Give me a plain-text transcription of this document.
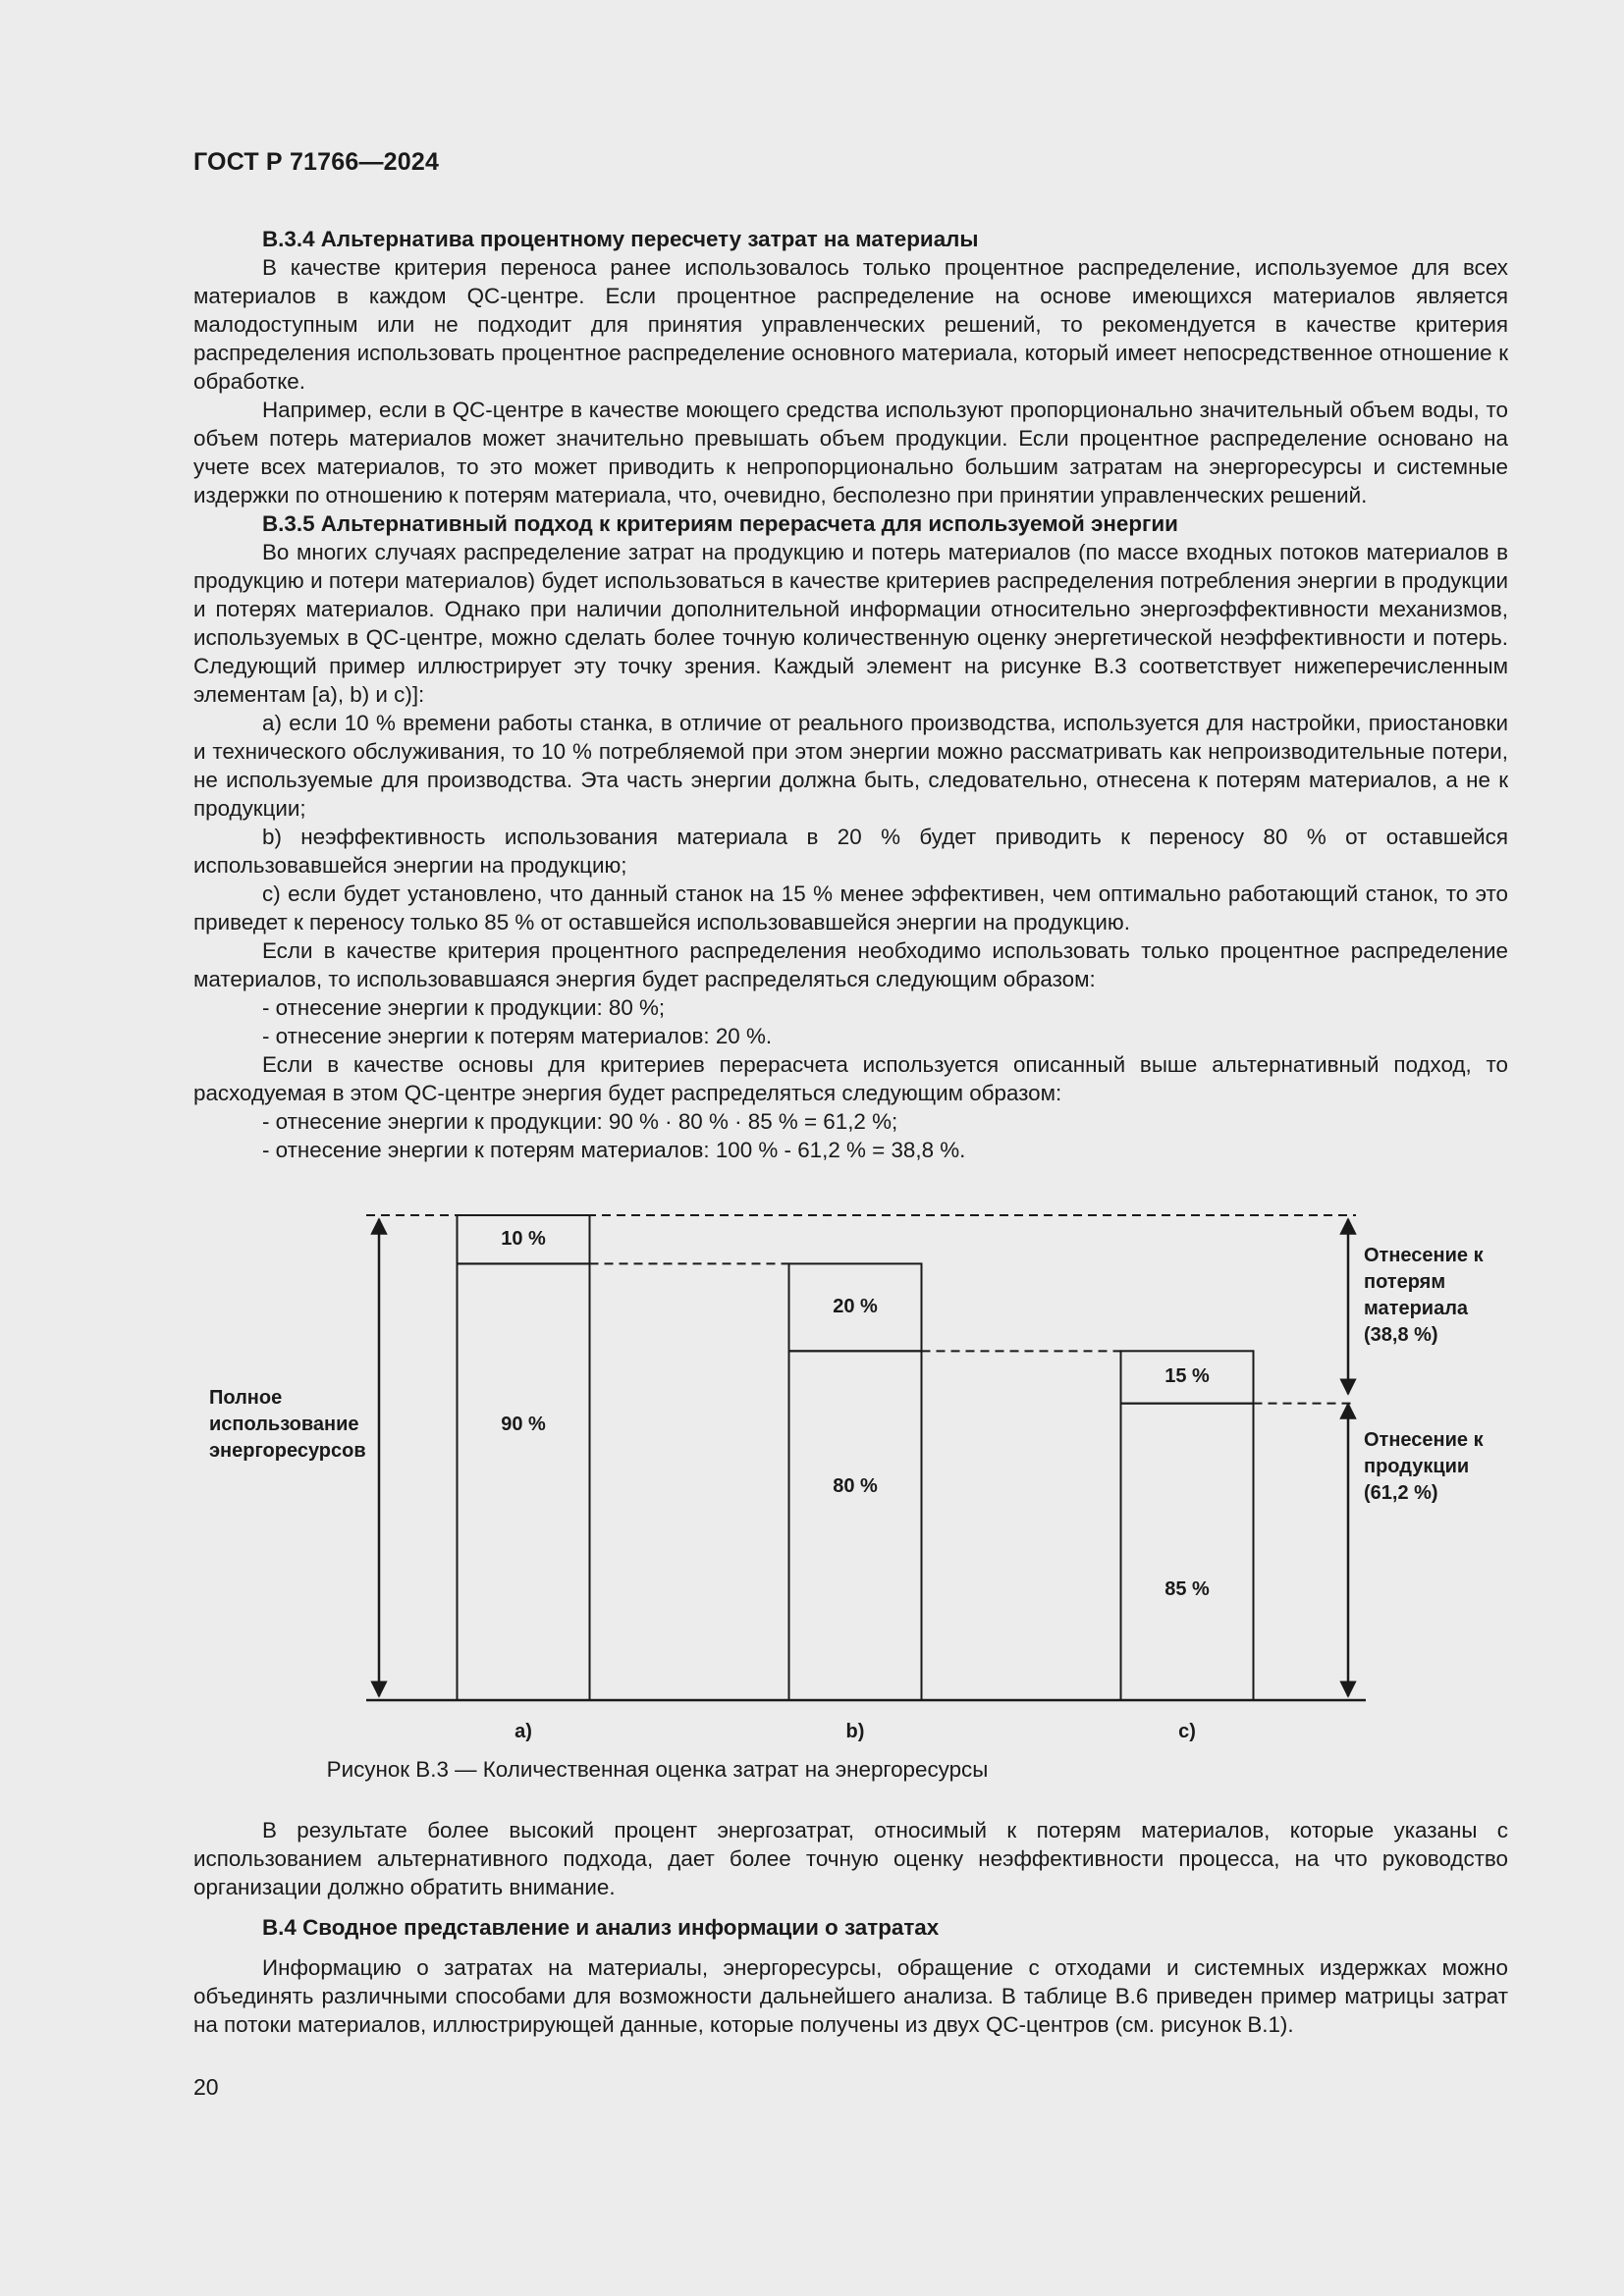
ГОСТ Р 71766—2024

В.3.4 Альтернатива процентному пересчету затрат на материалы

В качестве критерия переноса ранее использовалось только процентное распределение, используемое для всех материалов в каждом QC-центре. Если процентное распределение на основе имеющихся материалов является малодоступным или не подходит для принятия управленческих решений, то рекомендуется в качестве критерия распределения использовать процентное распределение основного материала, который имеет непосредственное отношение к обработке.

Например, если в QC-центре в качестве моющего средства используют пропорционально значительный объем воды, то объем потерь материалов может значительно превышать объем продукции. Если процентное распределение основано на учете всех материалов, то это может приводить к непропорционально большим затратам на энергоресурсы и системные издержки по отношению к потерям материала, что, очевидно, бесполезно при принятии управленческих решений.

В.3.5 Альтернативный подход к критериям перерасчета для используемой энергии

Во многих случаях распределение затрат на продукцию и потерь материалов (по массе входных потоков материалов в продукцию и потери материалов) будет использоваться в качестве критериев распределения потребления энергии в продукции и потерях материалов. Однако при наличии дополнительной информации относительно энергоэффективности механизмов, используемых в QC-центре, можно сделать более точную количественную оценку энергетической неэффективности и потерь. Следующий пример иллюстрирует эту точку зрения. Каждый элемент на рисунке В.3 соответствует нижеперечисленным элементам [a), b) и c)]:

а) если 10 % времени работы станка, в отличие от реального производства, используется для настройки, приостановки и технического обслуживания, то 10 % потребляемой при этом энергии можно рассматривать как непроизводительные потери, не используемые для производства. Эта часть энергии должна быть, следовательно, отнесена к потерям материалов, а не к продукции;

b) неэффективность использования материала в 20 % будет приводить к переносу 80 % от оставшейся использовавшейся энергии на продукцию;

c) если будет установлено, что данный станок на 15 % менее эффективен, чем оптимально работающий станок, то это приведет к переносу только 85 % от оставшейся использовавшейся энергии на продукцию.

Если в качестве критерия процентного распределения необходимо использовать только процентное распределение материалов, то использовавшаяся энергия будет распределяться следующим образом:

- отнесение энергии к продукции: 80 %;

- отнесение энергии к потерям материалов: 20 %.

Если в качестве основы для критериев перерасчета используется описанный выше альтернативный подход, то расходуемая в этом QC-центре энергия будет распределяться следующим образом:

- отнесение энергии к продукции: 90 % · 80 % · 85 % = 61,2 %;

- отнесение энергии к потерям материалов: 100 % - 61,2 % = 38,8 %.

Полное использование энергоресурсов
Отнесение к потерям материала (38,8 %)
Отнесение к продукции (61,2 %)
10 %
90 %
a)
20 %
80 %
b)
15 %
85 %
c)
Рисунок В.3 — Количественная оценка затрат на энергоресурсы

В результате более высокий процент энергозатрат, относимый к потерям материалов, которые указаны с использованием альтернативного подхода, дает более точную оценку неэффективности процесса, на что руководство организации должно обратить внимание.

В.4 Сводное представление и анализ информации о затратах

Информацию о затратах на материалы, энергоресурсы, обращение с отходами и системных издержках можно объединять различными способами для возможности дальнейшего анализа. В таблице В.6 приведен пример матрицы затрат на потоки материалов, иллюстрирующей данные, которые получены из двух QC-центров (см. рисунок В.1).

20
